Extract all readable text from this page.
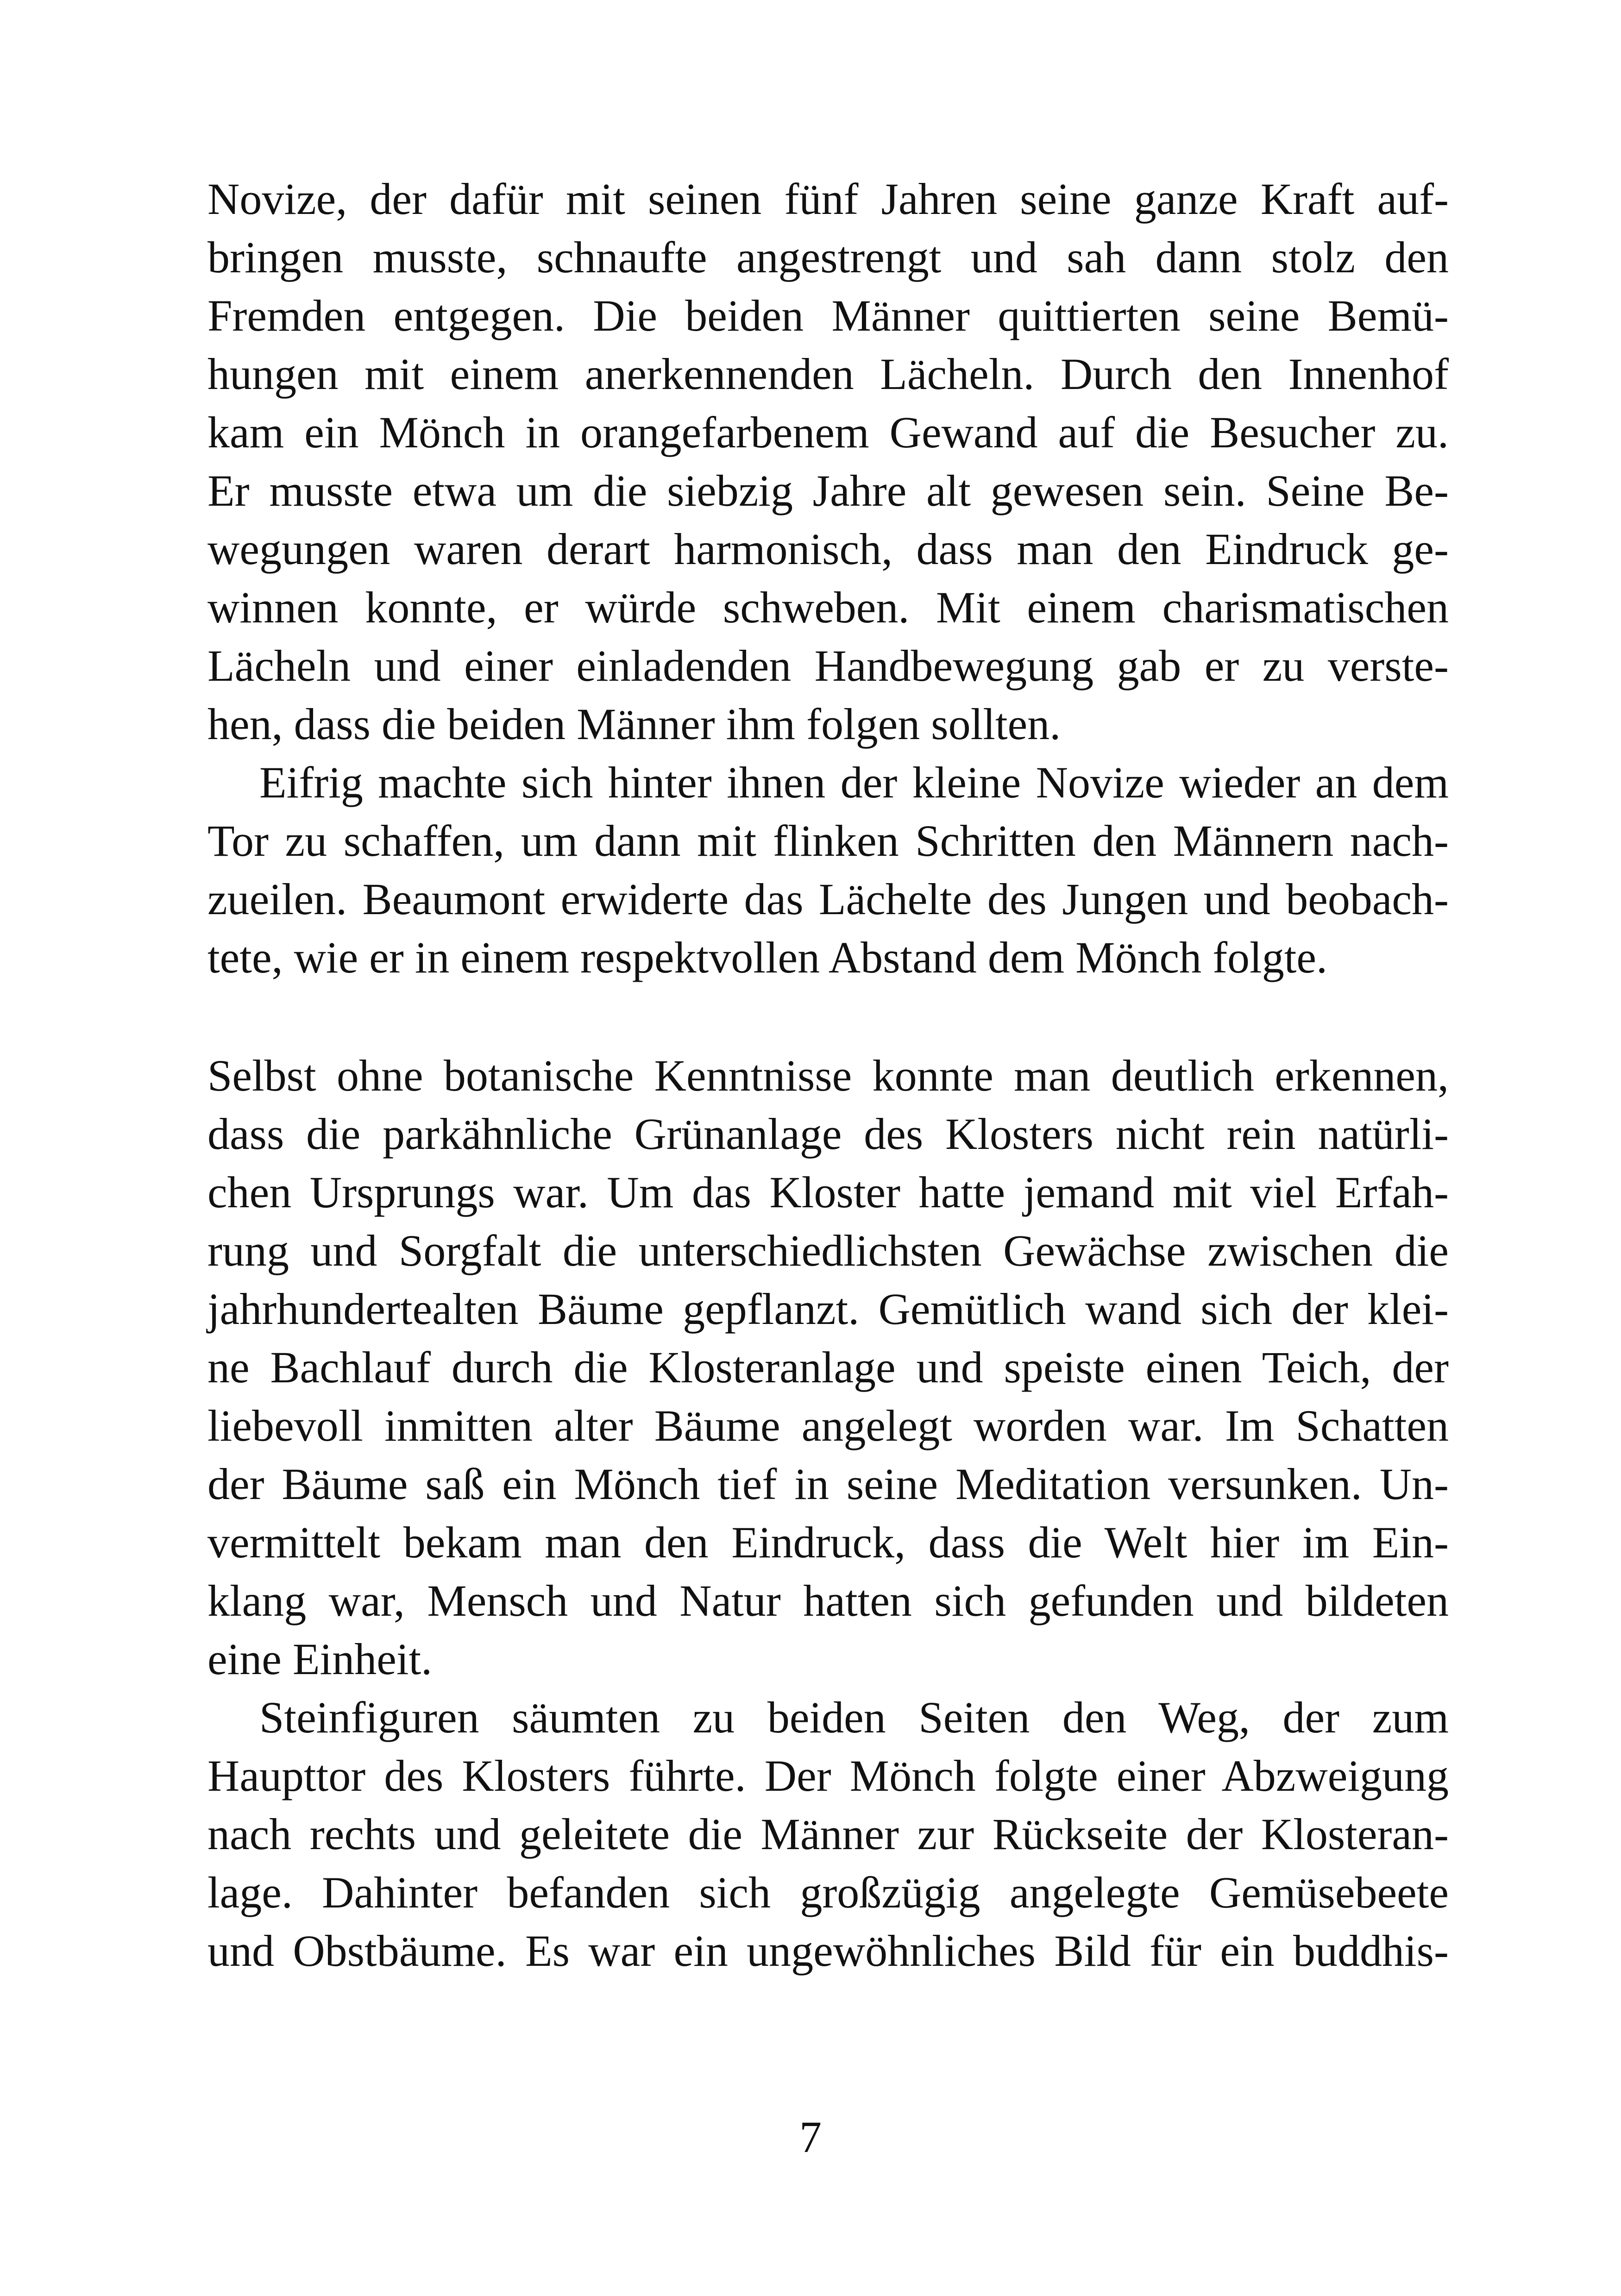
Novize, der dafür mit seinen fünf Jahren seine ganze Kraft auf-
bringen musste, schnaufte angestrengt und sah dann stolz den
Fremden entgegen. Die beiden Männer quittierten seine Bemü-
hungen mit einem anerkennenden Lächeln. Durch den Innenhof
kam ein Mönch in orangefarbenem Gewand auf die Besucher zu.
Er musste etwa um die siebzig Jahre alt gewesen sein. Seine Be-
wegungen waren derart harmonisch, dass man den Eindruck ge-
winnen konnte, er würde schweben. Mit einem charismatischen
Lächeln und einer einladenden Handbewegung gab er zu verste-
hen, dass die beiden Männer ihm folgen sollten.
Eifrig machte sich hinter ihnen der kleine Novize wieder an dem
Tor zu schaffen, um dann mit flinken Schritten den Männern nach-
zueilen. Beaumont erwiderte das Lächelte des Jungen und beobach-
tete, wie er in einem respektvollen Abstand dem Mönch folgte.
Selbst ohne botanische Kenntnisse konnte man deutlich erkennen,
dass die parkähnliche Grünanlage des Klosters nicht rein natürli-
chen Ursprungs war. Um das Kloster hatte jemand mit viel Erfah-
rung und Sorgfalt die unterschiedlichsten Gewächse zwischen die
jahrhundertealten Bäume gepflanzt. Gemütlich wand sich der klei-
ne Bachlauf durch die Klosteranlage und speiste einen Teich, der
liebevoll inmitten alter Bäume angelegt worden war. Im Schatten
der Bäume saß ein Mönch tief in seine Meditation versunken. Un-
vermittelt bekam man den Eindruck, dass die Welt hier im Ein-
klang war, Mensch und Natur hatten sich gefunden und bildeten
eine Einheit.
Steinfiguren säumten zu beiden Seiten den Weg, der zum
Haupttor des Klosters führte. Der Mönch folgte einer Abzweigung
nach rechts und geleitete die Männer zur Rückseite der Klosteran-
lage. Dahinter befanden sich großzügig angelegte Gemüsebeete
und Obstbäume. Es war ein ungewöhnliches Bild für ein buddhis-
7
